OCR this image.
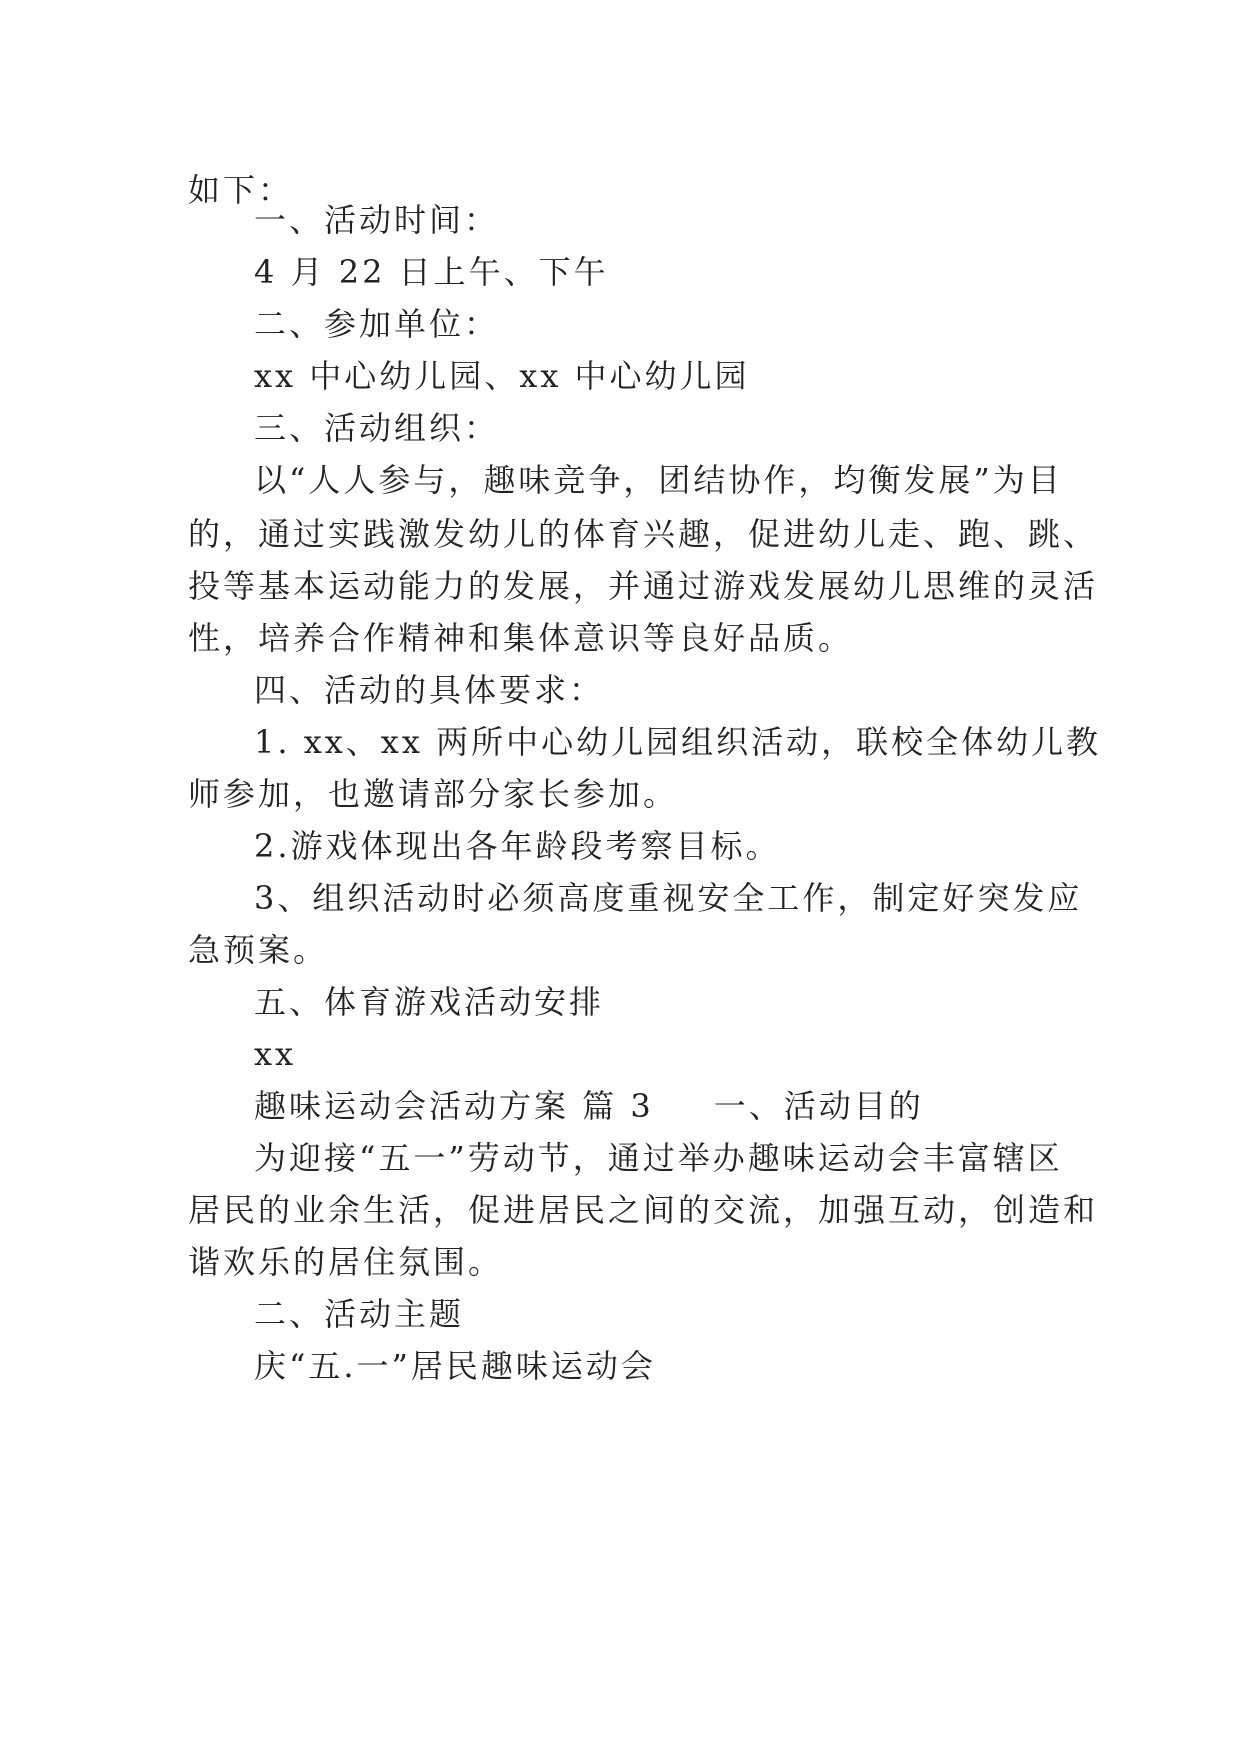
如下：
一、活动时间：
4 月 22 日上午、下午
二、参加单位：
xx 中心幼儿园、xx 中心幼儿园
三、活动组织：
以“人人参与，趣味竞争，团结协作，均衡发展”为目
的，通过实践激发幼儿的体育兴趣，促进幼儿走、跑、跳、
投等基本运动能力的发展，并通过游戏发展幼儿思维的灵活
性，培养合作精神和集体意识等良好品质。
四、活动的具体要求：
1. xx、xx 两所中心幼儿园组织活动，联校全体幼儿教
师参加，也邀请部分家长参加。
2.游戏体现出各年龄段考察目标。
3、组织活动时必须高度重视安全工作，制定好突发应
急预案。
五、体育游戏活动安排
xx
趣味运动会活动方案 篇 3 一、活动目的
为迎接“五一”劳动节，通过举办趣味运动会丰富辖区
居民的业余生活，促进居民之间的交流，加强互动，创造和
谐欢乐的居住氛围。
二、活动主题
庆“五.一”居民趣味运动会
